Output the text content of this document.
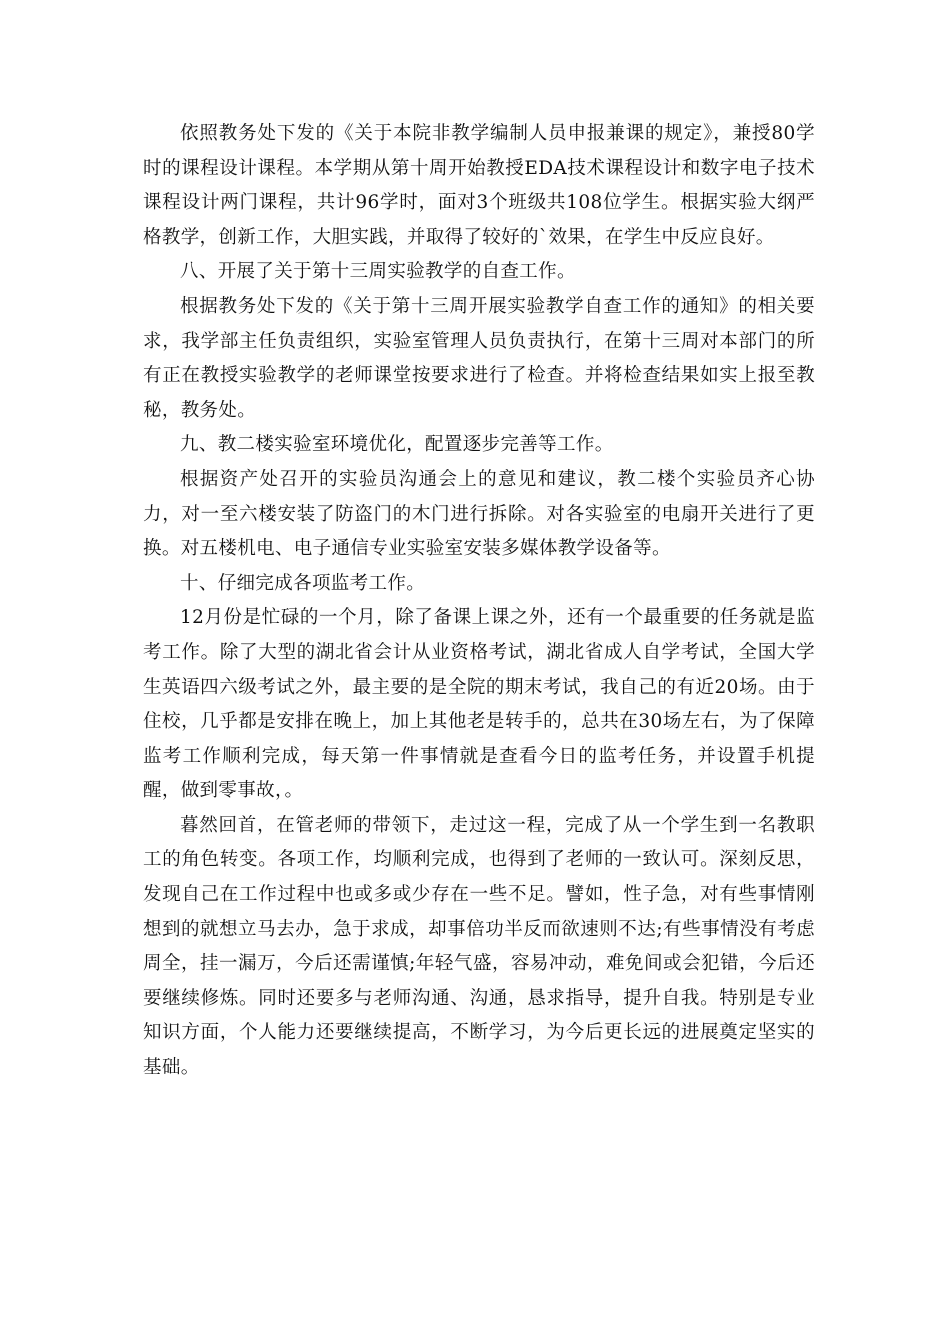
依照教务处下发的《关于本院非教学编制人员申报兼课的规定》，兼授80学时的课程设计课程。本学期从第十周开始教授EDA技术课程设计和数字电子技术课程设计两门课程，共计96学时，面对3个班级共108位学生。根据实验大纲严格教学，创新工作，大胆实践，并取得了较好的`效果，在学生中反应良好。

八、开展了关于第十三周实验教学的自查工作。

根据教务处下发的《关于第十三周开展实验教学自查工作的通知》的相关要求，我学部主任负责组织，实验室管理人员负责执行，在第十三周对本部门的所有正在教授实验教学的老师课堂按要求进行了检查。并将检查结果如实上报至教秘，教务处。

九、教二楼实验室环境优化，配置逐步完善等工作。

根据资产处召开的实验员沟通会上的意见和建议，教二楼个实验员齐心协力，对一至六楼安装了防盗门的木门进行拆除。对各实验室的电扇开关进行了更换。对五楼机电、电子通信专业实验室安装多媒体教学设备等。

十、仔细完成各项监考工作。

12月份是忙碌的一个月，除了备课上课之外，还有一个最重要的任务就是监考工作。除了大型的湖北省会计从业资格考试，湖北省成人自学考试，全国大学生英语四六级考试之外，最主要的是全院的期末考试，我自己的有近20场。由于住校，几乎都是安排在晚上，加上其他老是转手的，总共在30场左右，为了保障监考工作顺利完成，每天第一件事情就是查看今日的监考任务，并设置手机提醒，做到零事故，。

暮然回首，在管老师的带领下，走过这一程，完成了从一个学生到一名教职工的角色转变。各项工作，均顺利完成，也得到了老师的一致认可。深刻反思，发现自己在工作过程中也或多或少存在一些不足。譬如，性子急，对有些事情刚想到的就想立马去办，急于求成，却事倍功半反而欲速则不达;有些事情没有考虑周全，挂一漏万，今后还需谨慎;年轻气盛，容易冲动，难免间或会犯错，今后还要继续修炼。同时还要多与老师沟通、沟通，恳求指导，提升自我。特别是专业知识方面，个人能力还要继续提高，不断学习，为今后更长远的进展奠定坚实的基础。
